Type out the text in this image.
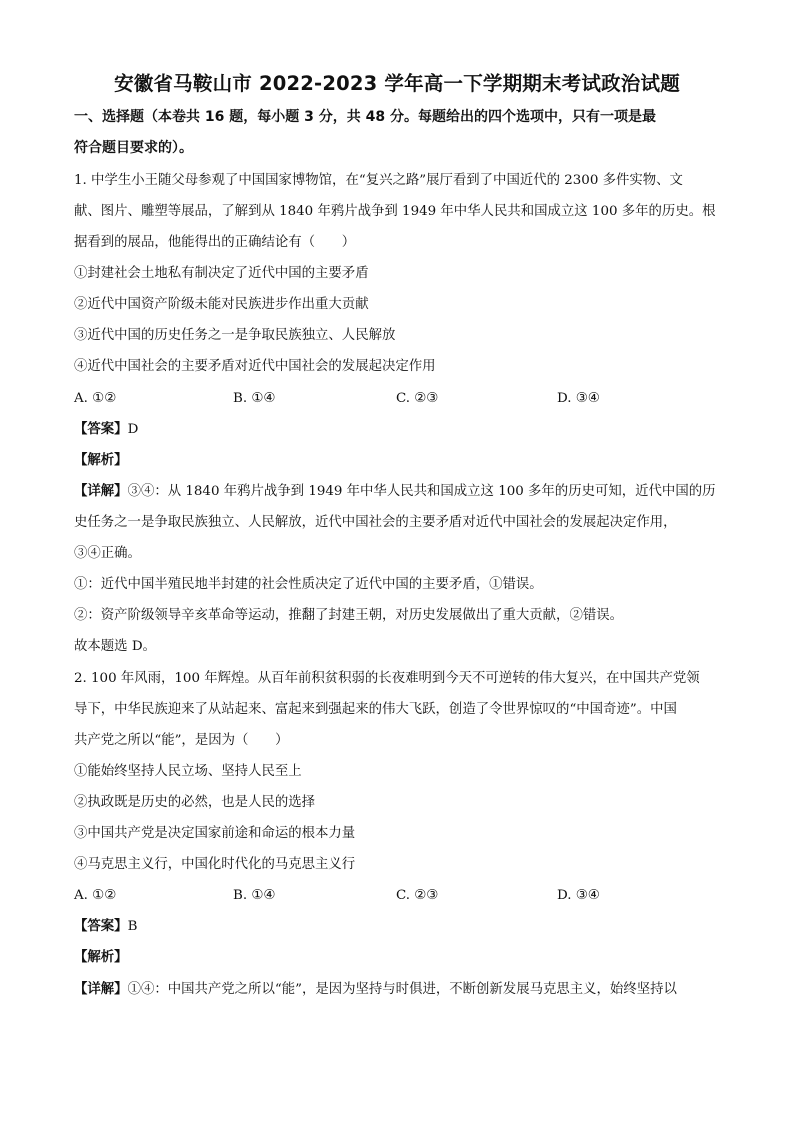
安徽省马鞍山市 2022-2023 学年高一下学期期末考试政治试题
一、选择题（本卷共 16 题，每小题 3 分，共 48 分。每题给出的四个选项中，只有一项是最
符合题目要求的）。
1. 中学生小王随父母参观了中国国家博物馆，在“复兴之路”展厅看到了中国近代的 2300 多件实物、文
献、图片、雕塑等展品，了解到从 1840 年鸦片战争到 1949 年中华人民共和国成立这 100 多年的历史。根
据看到的展品，他能得出的正确结论有（　　）
①封建社会土地私有制决定了近代中国的主要矛盾
②近代中国资产阶级未能对民族进步作出重大贡献
③近代中国的历史任务之一是争取民族独立、人民解放
④近代中国社会的主要矛盾对近代中国社会的发展起决定作用
A. ①②	B. ①④	C. ②③	D. ③④
【答案】D
【解析】
【详解】③④：从 1840 年鸦片战争到 1949 年中华人民共和国成立这 100 多年的历史可知，近代中国的历
史任务之一是争取民族独立、人民解放，近代中国社会的主要矛盾对近代中国社会的发展起决定作用，
③④正确。
①：近代中国半殖民地半封建的社会性质决定了近代中国的主要矛盾，①错误。
②：资产阶级领导辛亥革命等运动，推翻了封建王朝，对历史发展做出了重大贡献，②错误。
故本题选 D。
2. 100 年风雨，100 年辉煌。从百年前积贫积弱的长夜难明到今天不可逆转的伟大复兴，在中国共产党领
导下，中华民族迎来了从站起来、富起来到强起来的伟大飞跃，创造了令世界惊叹的“中国奇迹”。中国
共产党之所以“能”，是因为（　　）
①能始终坚持人民立场、坚持人民至上
②执政既是历史的必然，也是人民的选择
③中国共产党是决定国家前途和命运的根本力量
④马克思主义行，中国化时代化的马克思主义行
A. ①②	B. ①④	C. ②③	D. ③④
【答案】B
【解析】
【详解】①④：中国共产党之所以“能”，是因为坚持与时俱进，不断创新发展马克思主义，始终坚持以
